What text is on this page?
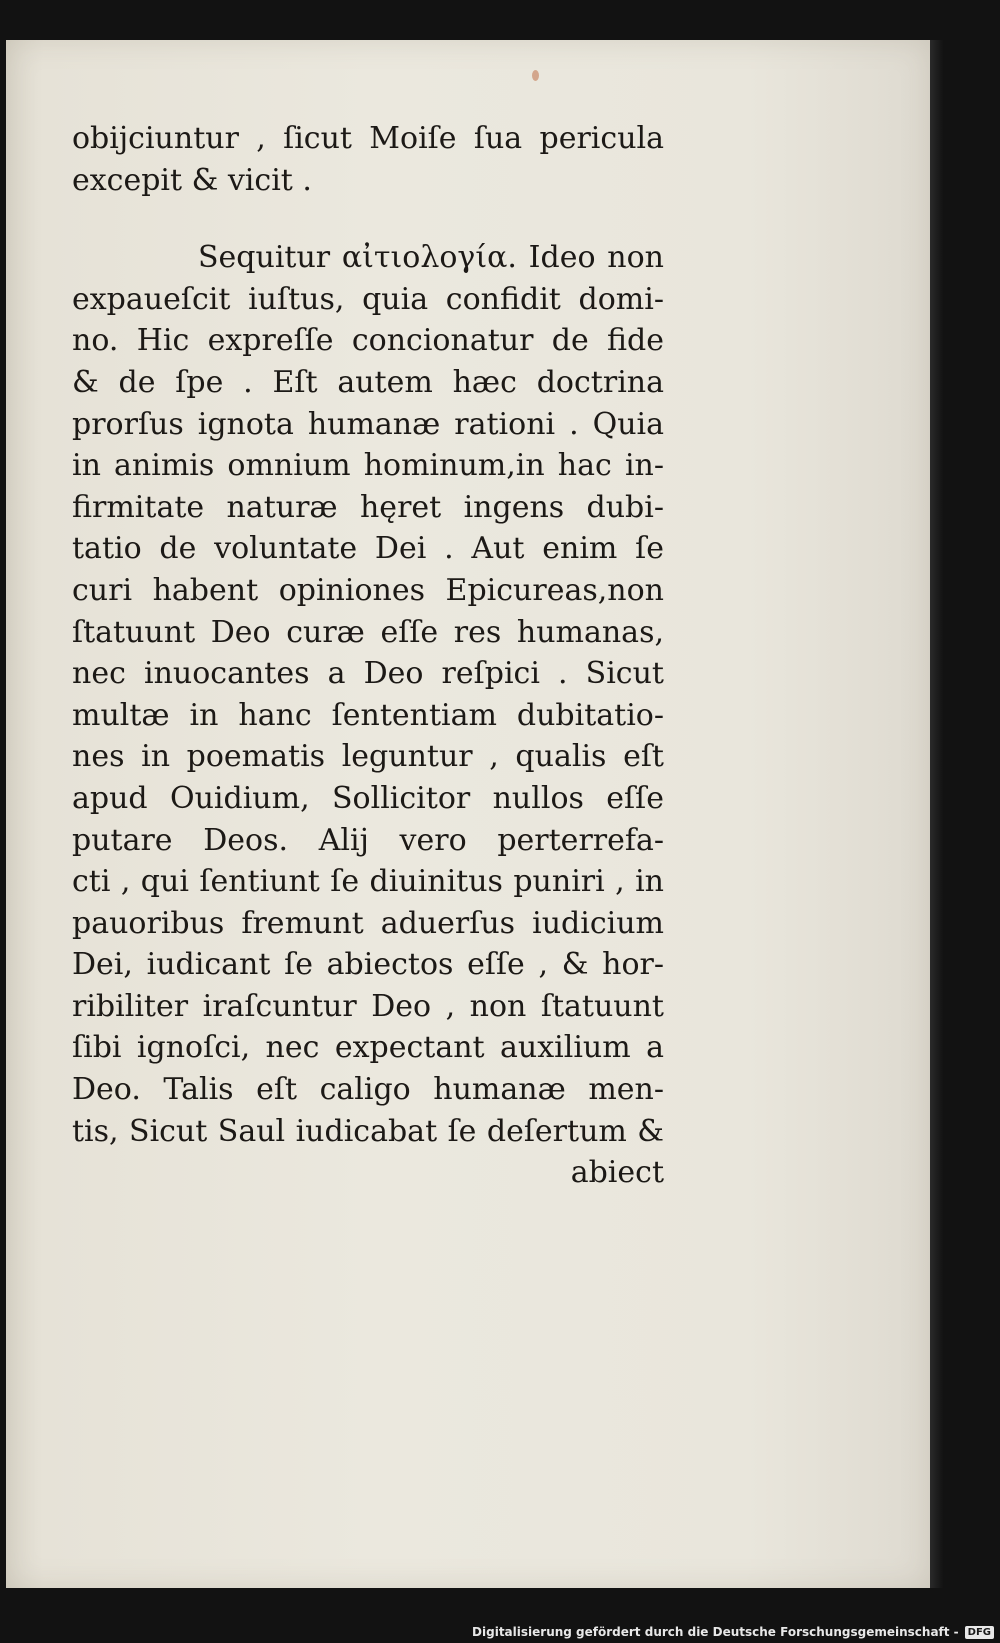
obijciuntur , ſicut Moiſe ſua pericula
excepit & vicit .
Sequitur αἰτιολογία. Ideo non
expaueſcit iuſtus, quia confidit domi-
no. Hic expreſſe concionatur de fide
& de ſpe . Eſt autem hæc doctrina
prorſus ignota humanæ rationi . Quia
in animis omnium hominum,in hac in-
firmitate naturæ hęret ingens dubi-
tatio de voluntate Dei . Aut enim ſe
curi habent opiniones Epicureas,non
ſtatuunt Deo curæ eſſe res humanas,
nec inuocantes a Deo reſpici . Sicut
multæ in hanc ſententiam dubitatio-
nes in poematis leguntur , qualis eſt
apud Ouidium, Sollicitor nullos eſſe
putare Deos. Alij vero perterrefa-
cti , qui ſentiunt ſe diuinitus puniri , in
pauoribus fremunt aduerſus iudicium
Dei, iudicant ſe abiectos eſſe , & hor-
ribiliter iraſcuntur Deo , non ſtatuunt
ſibi ignoſci, nec expectant auxilium a
Deo. Talis eſt caligo humanæ men-
tis, Sicut Saul iudicabat ſe deſertum &
abiect
Digitalisierung gefördert durch die Deutsche Forschungsgemeinschaft - DFG
